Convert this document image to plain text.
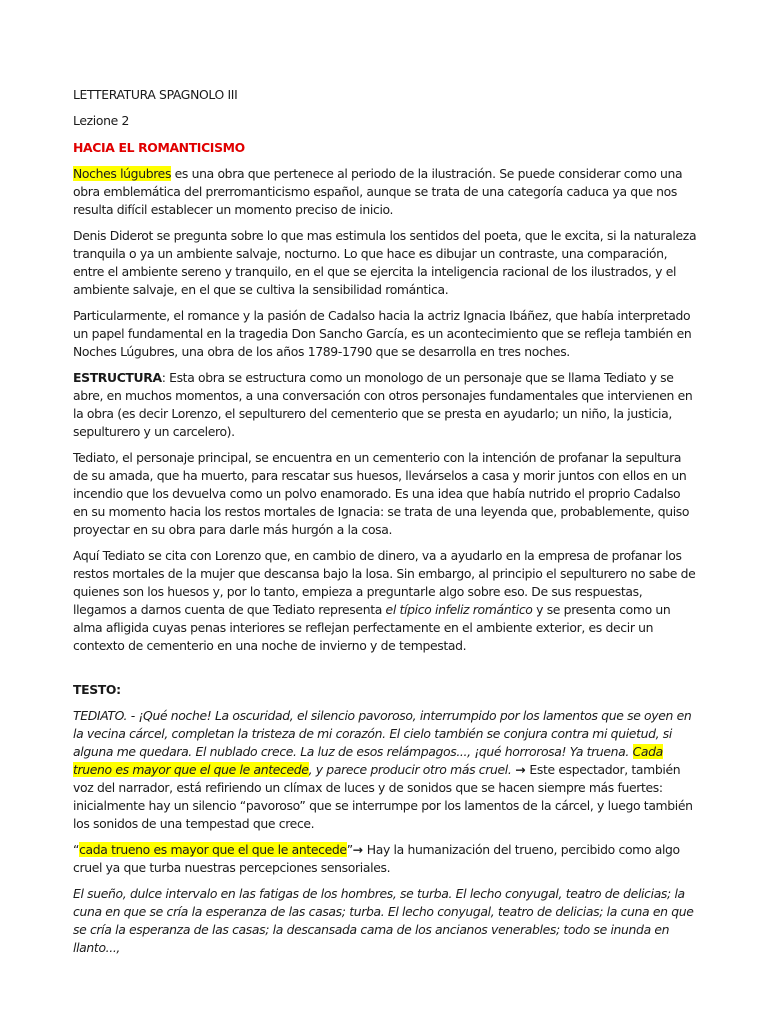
LETTERATURA SPAGNOLO III

Lezione 2

HACIA EL ROMANTICISMO

Noches lúgubres es una obra que pertenece al periodo de la ilustración. Se puede considerar como una obra emblemática del prerromanticismo español, aunque se trata de una categoría caduca ya que nos resulta difícil establecer un momento preciso de inicio.

Denis Diderot se pregunta sobre lo que mas estimula los sentidos del poeta, que le excita, si la naturaleza tranquila o ya un ambiente salvaje, nocturno. Lo que hace es dibujar un contraste, una comparación, entre el ambiente sereno y tranquilo, en el que se ejercita la inteligencia racional de los ilustrados, y el ambiente salvaje, en el que se cultiva la sensibilidad romántica.

Particularmente, el romance y la pasión de Cadalso hacia la actriz Ignacia Ibáñez, que había interpretado un papel fundamental en la tragedia Don Sancho García, es un acontecimiento que se refleja también en Noches Lúgubres, una obra de los años 1789-1790 que se desarrolla en tres noches.

ESTRUCTURA: Esta obra se estructura como un monologo de un personaje que se llama Tediato y se abre, en muchos momentos, a una conversación con otros personajes fundamentales que intervienen en la obra (es decir Lorenzo, el sepulturero del cementerio que se presta en ayudarlo; un niño, la justicia, sepulturero y un carcelero).

Tediato, el personaje principal, se encuentra en un cementerio con la intención de profanar la sepultura de su amada, que ha muerto, para rescatar sus huesos, llevárselos a casa y morir juntos con ellos en un incendio que los devuelva como un polvo enamorado. Es una idea que había nutrido el proprio Cadalso en su momento hacia los restos mortales de Ignacia: se trata de una leyenda que, probablemente, quiso proyectar en su obra para darle más hurgón a la cosa.

Aquí Tediato se cita con Lorenzo que, en cambio de dinero, va a ayudarlo en la empresa de profanar los restos mortales de la mujer que descansa bajo la losa. Sin embargo, al principio el sepulturero no sabe de quienes son los huesos y, por lo tanto, empieza a preguntarle algo sobre eso. De sus respuestas, llegamos a darnos cuenta de que Tediato representa el típico infeliz romántico y se presenta como un alma afligida cuyas penas interiores se reflejan perfectamente en el ambiente exterior, es decir un contexto de cementerio en una noche de invierno y de tempestad.

TESTO:

TEDIATO. - ¡Qué noche! La oscuridad, el silencio pavoroso, interrumpido por los lamentos que se oyen en la vecina cárcel, completan la tristeza de mi corazón. El cielo también se conjura contra mi quietud, si alguna me quedara. El nublado crece. La luz de esos relámpagos..., ¡qué horrorosa! Ya truena. Cada trueno es mayor que el que le antecede, y parece producir otro más cruel. → Este espectador, también voz del narrador, está refiriendo un clímax de luces y de sonidos que se hacen siempre más fuertes: inicialmente hay un silencio “pavoroso” que se interrumpe por los lamentos de la cárcel, y luego también los sonidos de una tempestad que crece.

“cada trueno es mayor que el que le antecede”→ Hay la humanización del trueno, percibido como algo cruel ya que turba nuestras percepciones sensoriales.

El sueño, dulce intervalo en las fatigas de los hombres, se turba. El lecho conyugal, teatro de delicias; la cuna en que se cría la esperanza de las casas; turba. El lecho conyugal, teatro de delicias; la cuna en que se cría la esperanza de las casas; la descansada cama de los ancianos venerables; todo se inunda en llanto...,
